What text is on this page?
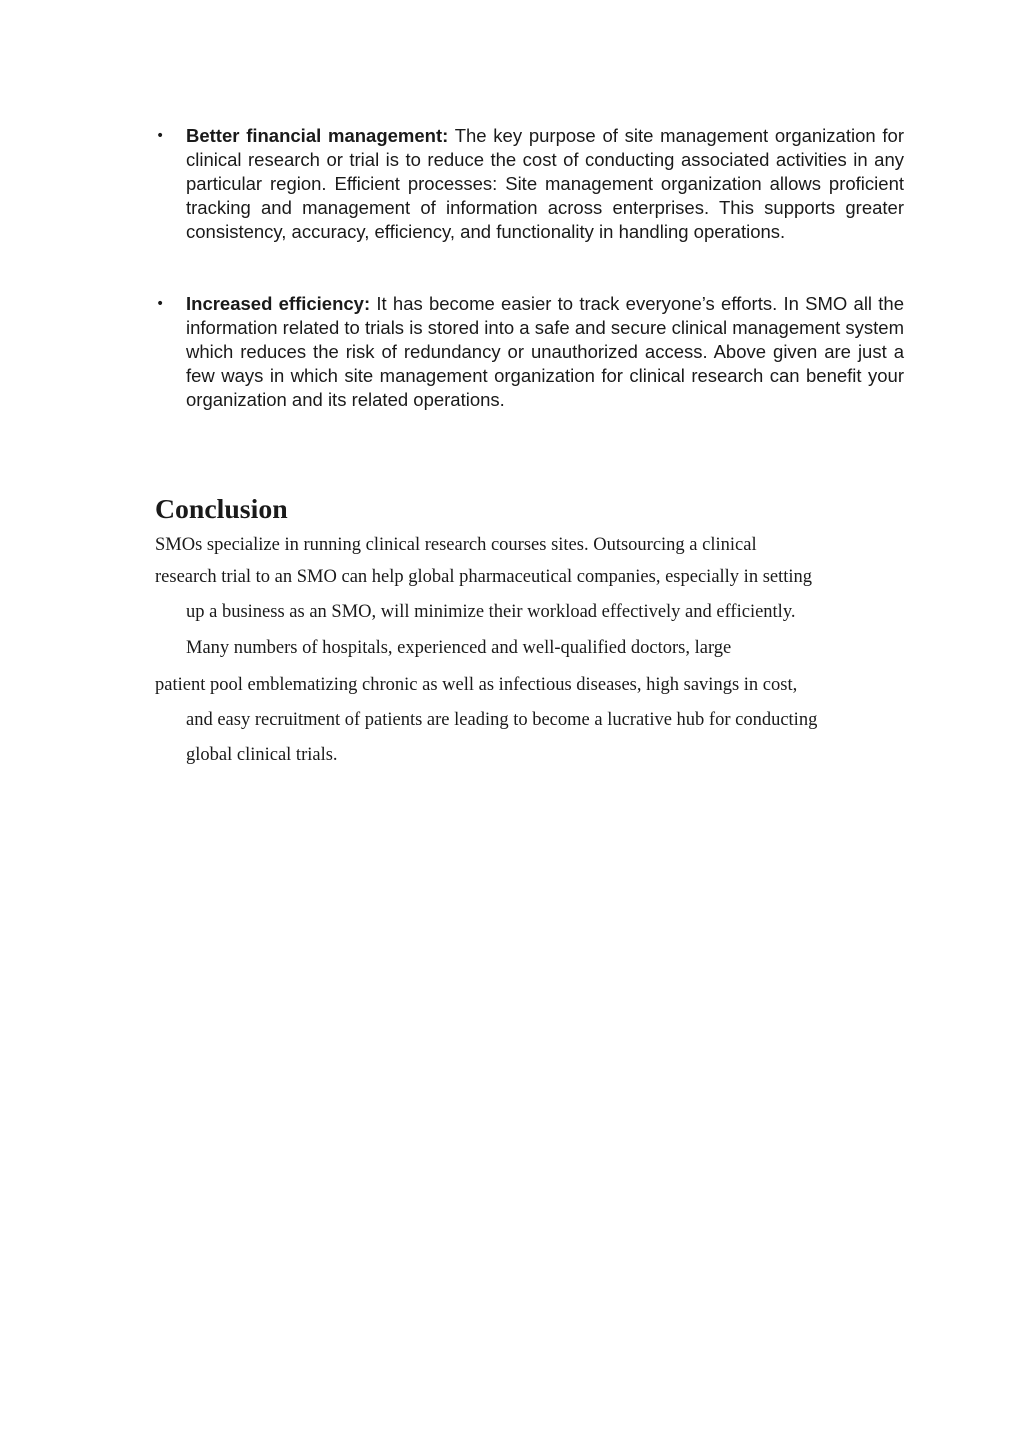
• Better financial management: The key purpose of site management organization for clinical research or trial is to reduce the cost of conducting associated activities in any particular region. Efficient processes: Site management organization allows proficient tracking and management of information across enterprises. This supports greater consistency, accuracy, efficiency, and functionality in handling operations.
• Increased efficiency: It has become easier to track everyone’s efforts. In SMO all the information related to trials is stored into a safe and secure clinical management system which reduces the risk of redundancy or unauthorized access. Above given are just a few ways in which site management organization for clinical research can benefit your organization and its related operations.
Conclusion
SMOs specialize in running clinical research courses sites. Outsourcing a clinical
research trial to an SMO can help global pharmaceutical companies, especially in setting
up a business as an SMO, will minimize their workload effectively and efficiently.
Many numbers of hospitals, experienced and well-qualified doctors, large
patient pool emblematizing chronic as well as infectious diseases, high savings in cost,
and easy recruitment of patients are leading to become a lucrative hub for conducting
global clinical trials.
